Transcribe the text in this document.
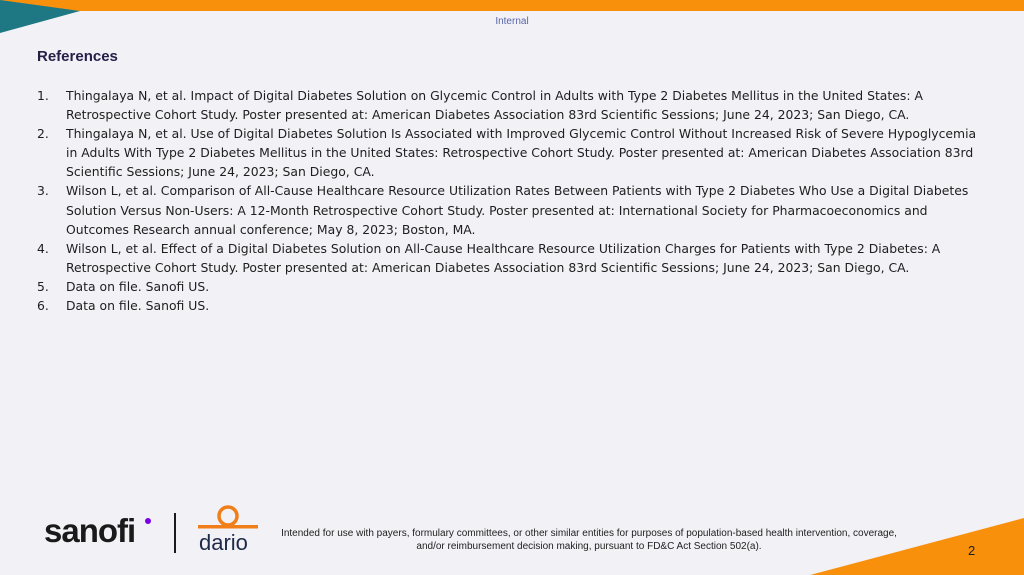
Internal
References
1. Thingalaya N, et al. Impact of Digital Diabetes Solution on Glycemic Control in Adults with Type 2 Diabetes Mellitus in the United States: A Retrospective Cohort Study. Poster presented at: American Diabetes Association 83rd Scientific Sessions; June 24, 2023; San Diego, CA.
2. Thingalaya N, et al. Use of Digital Diabetes Solution Is Associated with Improved Glycemic Control Without Increased Risk of Severe Hypoglycemia in Adults With Type 2 Diabetes Mellitus in the United States: Retrospective Cohort Study. Poster presented at: American Diabetes Association 83rd Scientific Sessions; June 24, 2023; San Diego, CA.
3. Wilson L, et al. Comparison of All-Cause Healthcare Resource Utilization Rates Between Patients with Type 2 Diabetes Who Use a Digital Diabetes Solution Versus Non-Users: A 12-Month Retrospective Cohort Study. Poster presented at: International Society for Pharmacoeconomics and Outcomes Research annual conference; May 8, 2023; Boston, MA.
4. Wilson L, et al. Effect of a Digital Diabetes Solution on All-Cause Healthcare Resource Utilization Charges for Patients with Type 2 Diabetes: A Retrospective Cohort Study. Poster presented at: American Diabetes Association 83rd Scientific Sessions; June 24, 2023; San Diego, CA.
5. Data on file. Sanofi US.
6. Data on file. Sanofi US.
sanofi	dario	Intended for use with payers, formulary committees, or other similar entities for purposes of population-based health intervention, coverage, and/or reimbursement decision making, pursuant to FD&C Act Section 502(a).	2
